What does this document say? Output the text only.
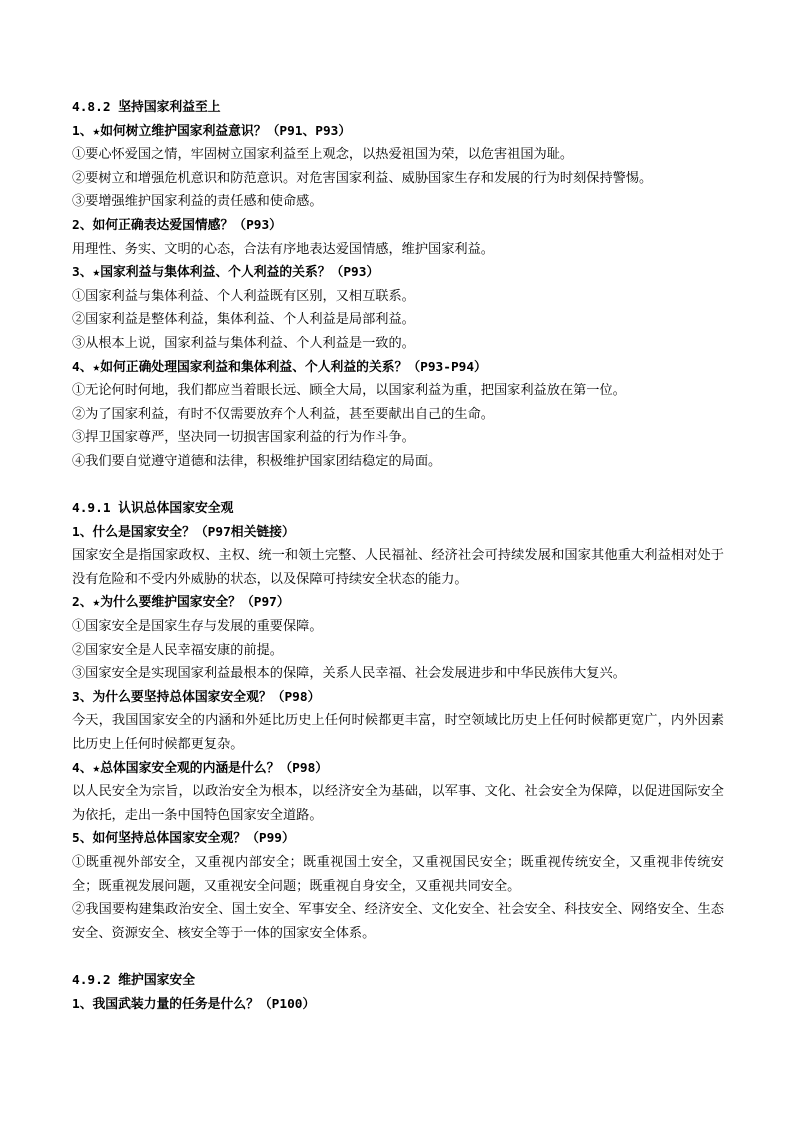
4.8.2 坚持国家利益至上
1、★如何树立维护国家利益意识？（P91、P93）
①要心怀爱国之情，牢固树立国家利益至上观念，以热爱祖国为荣，以危害祖国为耻。
②要树立和增强危机意识和防范意识。对危害国家利益、威胁国家生存和发展的行为时刻保持警惕。
③要增强维护国家利益的责任感和使命感。
2、如何正确表达爱国情感？（P93）
用理性、务实、文明的心态，合法有序地表达爱国情感，维护国家利益。
3、★国家利益与集体利益、个人利益的关系？（P93）
①国家利益与集体利益、个人利益既有区别，又相互联系。
②国家利益是整体利益，集体利益、个人利益是局部利益。
③从根本上说，国家利益与集体利益、个人利益是一致的。
4、★如何正确处理国家利益和集体利益、个人利益的关系？（P93-P94）
①无论何时何地，我们都应当着眼长远、顾全大局，以国家利益为重，把国家利益放在第一位。
②为了国家利益，有时不仅需要放弃个人利益，甚至要献出自己的生命。
③捍卫国家尊严，坚决同一切损害国家利益的行为作斗争。
④我们要自觉遵守道德和法律，积极维护国家团结稳定的局面。
4.9.1 认识总体国家安全观
1、什么是国家安全？（P97相关链接）
国家安全是指国家政权、主权、统一和领土完整、人民福祉、经济社会可持续发展和国家其他重大利益相对处于没有危险和不受内外威胁的状态，以及保障可持续安全状态的能力。
2、★为什么要维护国家安全？（P97）
①国家安全是国家生存与发展的重要保障。
②国家安全是人民幸福安康的前提。
③国家安全是实现国家利益最根本的保障，关系人民幸福、社会发展进步和中华民族伟大复兴。
3、为什么要坚持总体国家安全观？（P98）
今天，我国国家安全的内涵和外延比历史上任何时候都更丰富，时空领域比历史上任何时候都更宽广，内外因素比历史上任何时候都更复杂。
4、★总体国家安全观的内涵是什么？（P98）
以人民安全为宗旨，以政治安全为根本，以经济安全为基础，以军事、文化、社会安全为保障，以促进国际安全为依托，走出一条中国特色国家安全道路。
5、如何坚持总体国家安全观？（P99）
①既重视外部安全，又重视内部安全；既重视国土安全，又重视国民安全；既重视传统安全，又重视非传统安全；既重视发展问题，又重视安全问题；既重视自身安全，又重视共同安全。
②我国要构建集政治安全、国土安全、军事安全、经济安全、文化安全、社会安全、科技安全、网络安全、生态安全、资源安全、核安全等于一体的国家安全体系。
4.9.2 维护国家安全
1、我国武装力量的任务是什么？（P100）
